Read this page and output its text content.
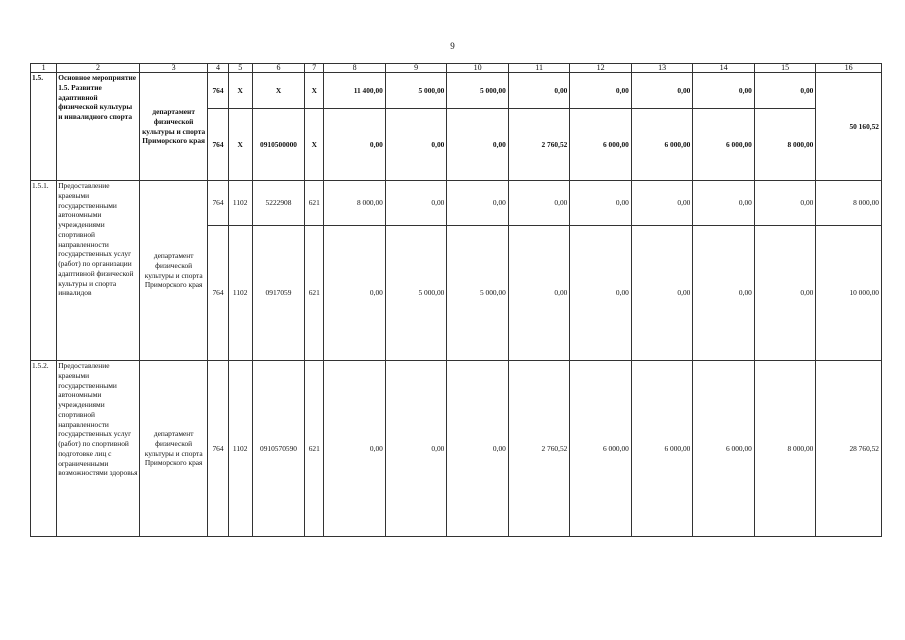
9
1	2	3	4	5	6	7	8	9	10	11	12	13	14	15	16
1.5.	Основное мероприятие 1.5. Развитие адаптивной физической культуры и инвалидного спорта	департамент физической культуры и спорта Приморского края	764	X	X	X	11 400,00	5 000,00	5 000,00	0,00	0,00	0,00	0,00	0,00	50 160,52
			764	X	0910500000	X	0,00	0,00	0,00	2 760,52	6 000,00	6 000,00	6 000,00	8 000,00	
1.5.1.	Предоставление краевыми государственными автономными учреждениями спортивной направленности государственных услуг (работ) по организации адаптивной физической культуры и спорта инвалидов	департамент физической культуры и спорта Приморского края	764	1102	5222908	621	8 000,00	0,00	0,00	0,00	0,00	0,00	0,00	0,00	8 000,00
			764	1102	0917059	621	0,00	5 000,00	5 000,00	0,00	0,00	0,00	0,00	0,00	10 000,00
1.5.2.	Предоставление краевыми государственными автономными учреждениями спортивной направленности государственных услуг (работ) по спортивной подготовке лиц с ограниченными возможностями здоровья	департамент физической культуры и спорта Приморского края	764	1102	0910570590	621	0,00	0,00	0,00	2 760,52	6 000,00	6 000,00	6 000,00	8 000,00	28 760,52
